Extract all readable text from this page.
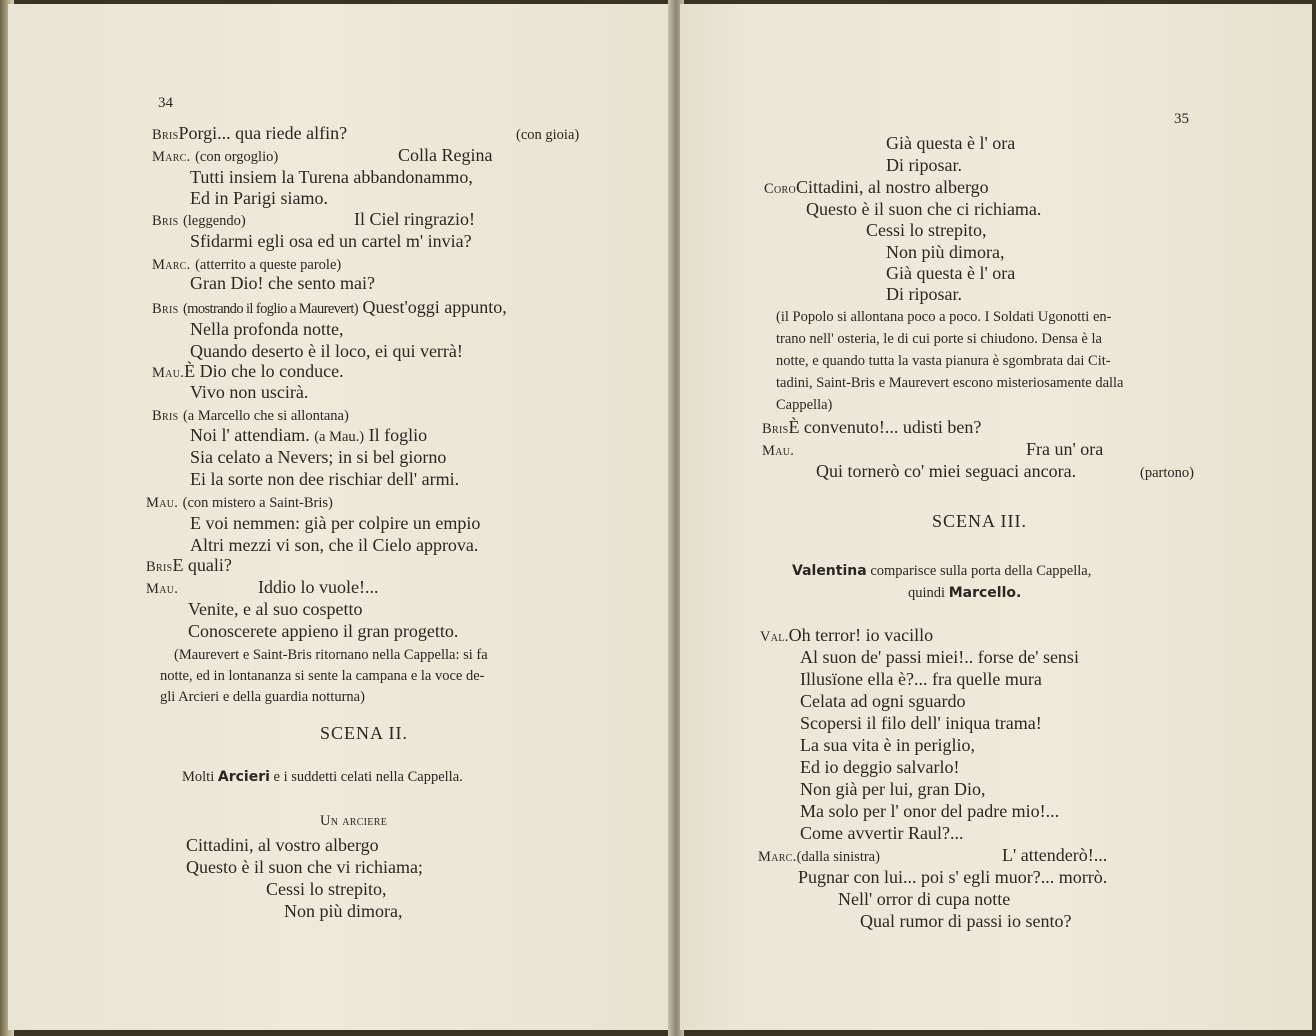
34
BrisPorgi... qua riede alfin?	(con gioia)
Marc. (con orgoglio)	Colla Regina
Tutti insiem la Turena abbandonammo,
Ed in Parigi siamo.
Bris (leggendo)	Il Ciel ringrazio!
Sfidarmi egli osa ed un cartel m' invia?
Marc. (atterrito a queste parole)
Gran Dio! che sento mai?
Bris (mostrando il foglio a Maurevert) Quest'oggi appunto,
Nella profonda notte,
Quando deserto è il loco, ei qui verrà!
Mau.È Dio che lo conduce.
Vivo non uscirà.
Bris (a Marcello che si allontana)
Noi l' attendiam. (a Mau.) Il foglio
Sia celato a Nevers; in si bel giorno
Ei la sorte non dee rischiar dell' armi.
Mau. (con mistero a Saint-Bris)
E voi nemmen: già per colpire un empio
Altri mezzi vi son, che il Cielo approva.
BrisE quali?
Mau.	Iddio lo vuole!...
Venite, e al suo cospetto
Conoscerete appieno il gran progetto.
(Maurevert e Saint-Bris ritornano nella Cappella: si fa
notte, ed in lontananza si sente la campana e la voce de-
gli Arcieri e della guardia notturna)
SCENA II.
Molti Arcieri e i suddetti celati nella Cappella.
Un arciere
Cittadini, al vostro albergo
Questo è il suon che vi richiama;
Cessi lo strepito,
Non più dimora,
35
Già questa è l' ora
Di riposar.
CoroCittadini, al nostro albergo
Questo è il suon che ci richiama.
Cessi lo strepito,
Non più dimora,
Già questa è l' ora
Di riposar.
(il Popolo si allontana poco a poco. I Soldati Ugonotti en-
trano nell' osteria, le di cui porte si chiudono. Densa è la
notte, e quando tutta la vasta pianura è sgombrata dai Cit-
tadini, Saint-Bris e Maurevert escono misteriosamente dalla
Cappella)
BrisÈ convenuto!... udisti ben?
Mau.	Fra un' ora
Qui tornerò co' miei seguaci ancora.	(partono)
SCENA III.
Valentina comparisce sulla porta della Cappella,
quindi Marcello.
Val.Oh terror! io vacillo
Al suon de' passi miei!.. forse de' sensi
Illusïone ella è?... fra quelle mura
Celata ad ogni sguardo
Scopersi il filo dell' iniqua trama!
La sua vita è in periglio,
Ed io deggio salvarlo!
Non già per lui, gran Dio,
Ma solo per l' onor del padre mio!...
Come avvertir Raul?...
Marc.(dalla sinistra)	L' attenderò!...
Pugnar con lui... poi s' egli muor?... morrò.
Nell' orror di cupa notte
Qual rumor di passi io sento?
